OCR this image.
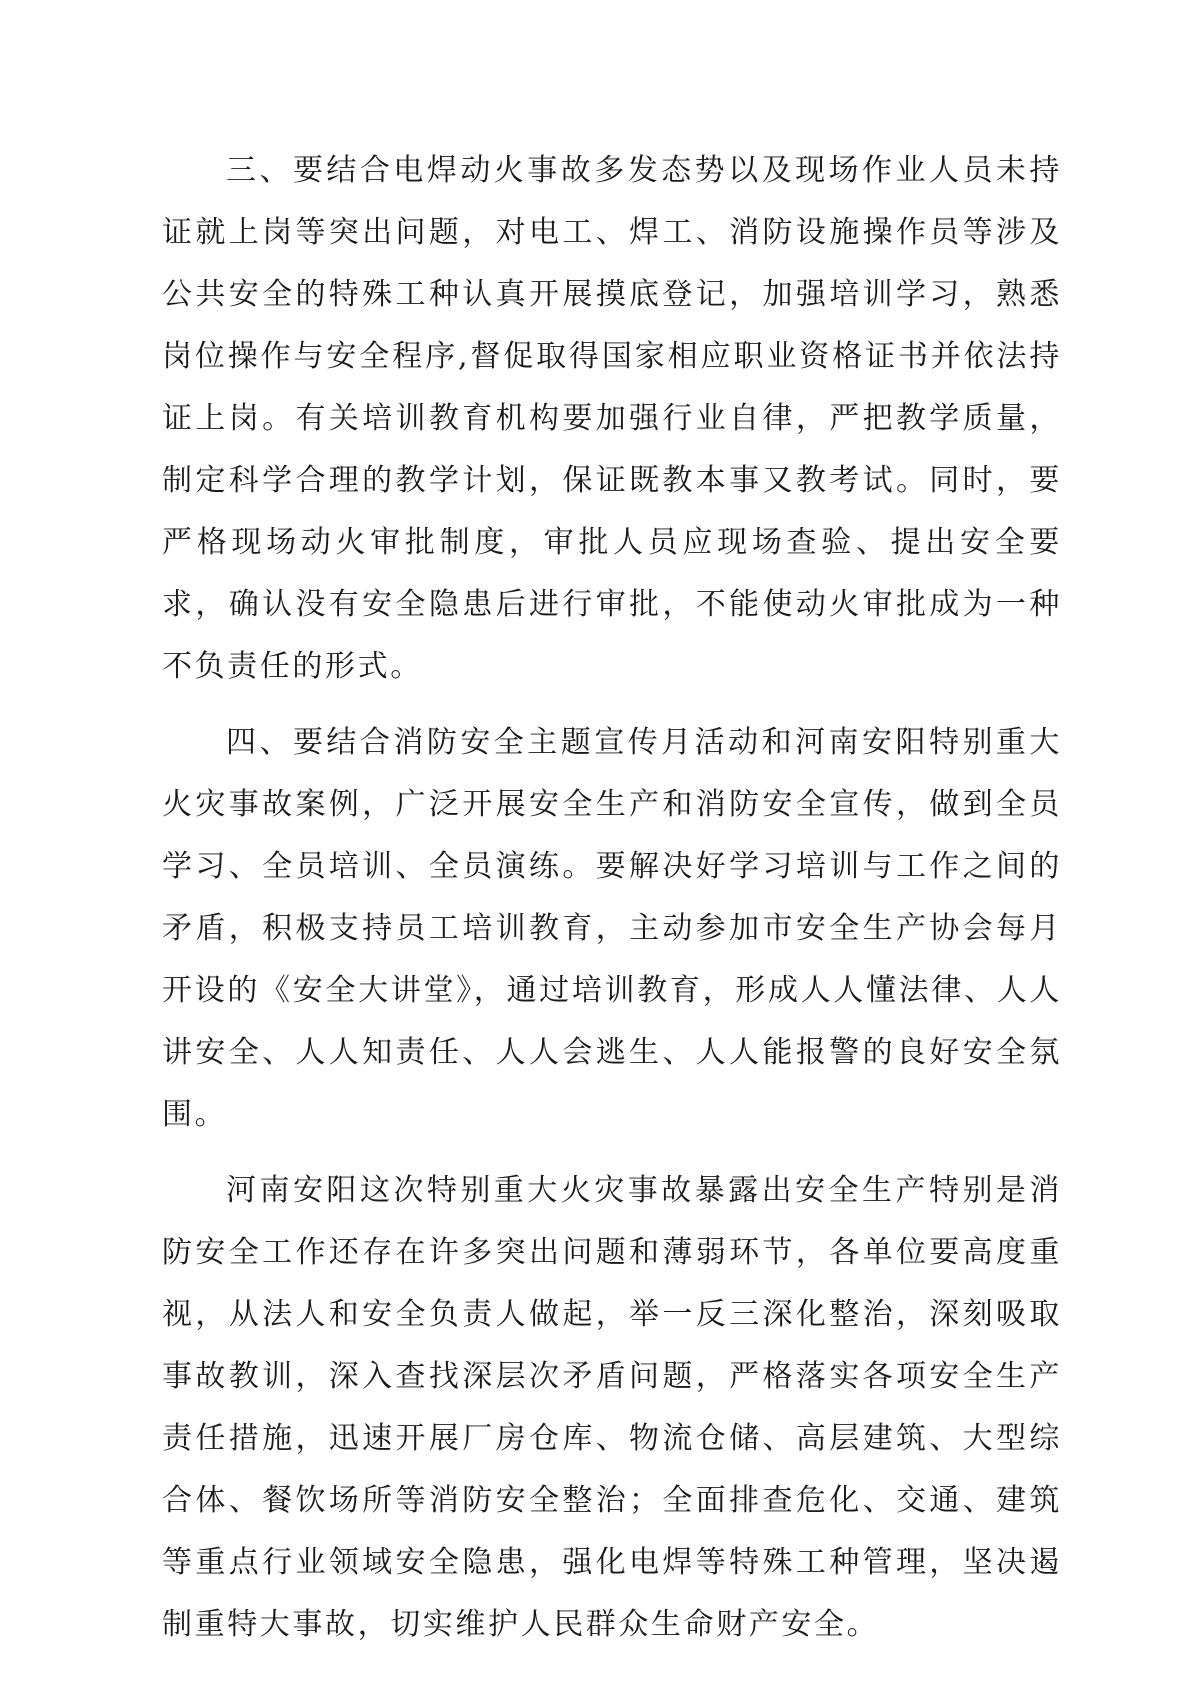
三、要结合电焊动火事故多发态势以及现场作业人员未持证就上岗等突出问题，对电工、焊工、消防设施操作员等涉及公共安全的特殊工种认真开展摸底登记，加强培训学习，熟悉岗位操作与安全程序,督促取得国家相应职业资格证书并依法持证上岗。有关培训教育机构要加强行业自律，严把教学质量，制定科学合理的教学计划，保证既教本事又教考试。同时，要严格现场动火审批制度，审批人员应现场查验、提出安全要求，确认没有安全隐患后进行审批，不能使动火审批成为一种不负责任的形式。

四、要结合消防安全主题宣传月活动和河南安阳特别重大火灾事故案例，广泛开展安全生产和消防安全宣传，做到全员学习、全员培训、全员演练。要解决好学习培训与工作之间的矛盾，积极支持员工培训教育，主动参加市安全生产协会每月开设的《安全大讲堂》，通过培训教育，形成人人懂法律、人人讲安全、人人知责任、人人会逃生、人人能报警的良好安全氛围。

河南安阳这次特别重大火灾事故暴露出安全生产特别是消防安全工作还存在许多突出问题和薄弱环节，各单位要高度重视，从法人和安全负责人做起，举一反三深化整治，深刻吸取事故教训，深入查找深层次矛盾问题，严格落实各项安全生产责任措施，迅速开展厂房仓库、物流仓储、高层建筑、大型综合体、餐饮场所等消防安全整治；全面排查危化、交通、建筑等重点行业领域安全隐患，强化电焊等特殊工种管理，坚决遏制重特大事故，切实维护人民群众生命财产安全。
